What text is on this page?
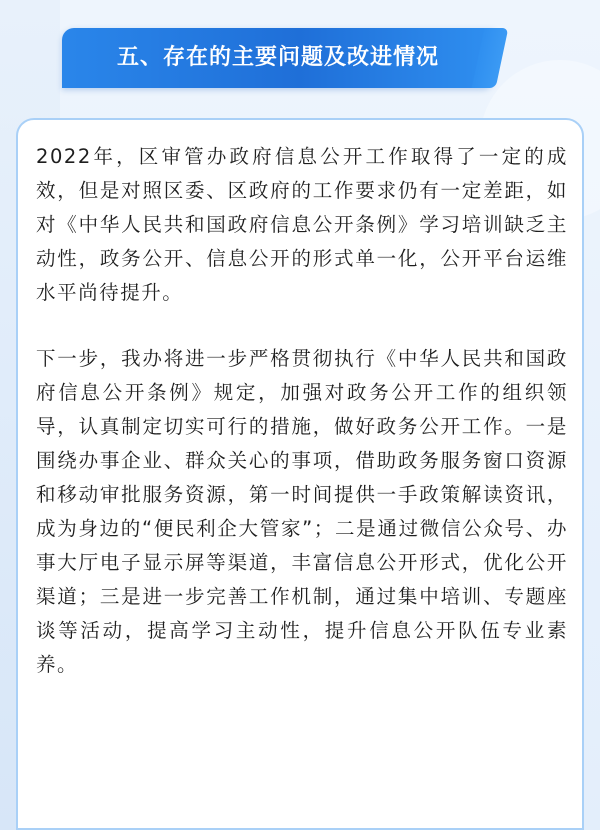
五、存在的主要问题及改进情况

2022年，区审管办政府信息公开工作取得了一定的成效，但是对照区委、区政府的工作要求仍有一定差距，如对《中华人民共和国政府信息公开条例》学习培训缺乏主动性，政务公开、信息公开的形式单一化，公开平台运维水平尚待提升。

下一步，我办将进一步严格贯彻执行《中华人民共和国政府信息公开条例》规定，加强对政务公开工作的组织领导，认真制定切实可行的措施，做好政务公开工作。一是围绕办事企业、群众关心的事项，借助政务服务窗口资源和移动审批服务资源，第一时间提供一手政策解读资讯，成为身边的“便民利企大管家”；二是通过微信公众号、办事大厅电子显示屏等渠道，丰富信息公开形式，优化公开渠道；三是进一步完善工作机制，通过集中培训、专题座谈等活动，提高学习主动性，提升信息公开队伍专业素养。
